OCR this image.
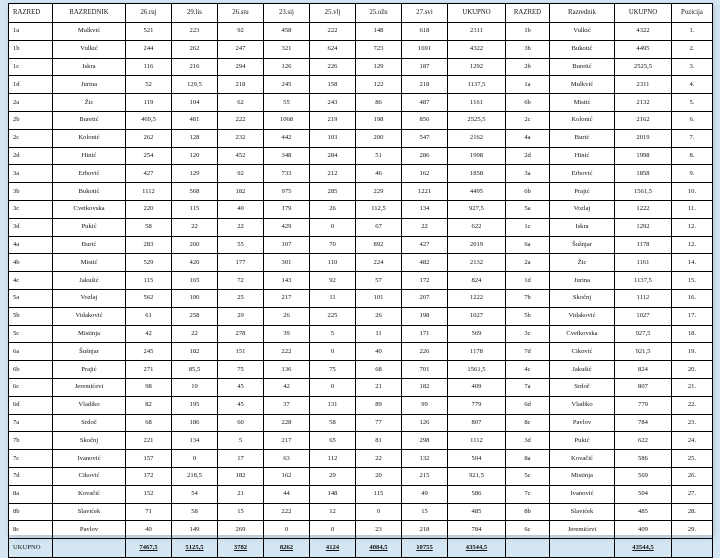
RAZRED	RAZREDNIK	26.ruj	29.lis	26.stu	23.sij	25.vlj	25.ožu	27.svi	UKUPNO	RAZRED	Razrednik	UKUPNO	Pozicija
1a	Mulkvić	521	223	92	458	222	148	618	2311	1b	Vulkić	4322	1.
1b	Vulkić	244	262	247	321	624	723	1691	4322	3b	Bukotić	4495	2.
1c	Iskra	116	216	294	126	226	129	187	1292	2b	Buretić	2525,5	3.
1d	Jurina	52	129,5	218	245	158	122	218	1137,5	1a	Mulkvić	2311	4.
2a	Žic	119	104	62	55	243	86	487	1161	6b	Mistić	2132	5.
2b	Buretić	469,5	481	222	1068	219	198	856	2525,5	2c	Kolonić	2162	6.
2c	Kolonić	262	128	232	442	103	200	547	2162	4a	Burić	2019	7.
2d	Hinić	254	120	452	348	284	51	286	1998	2d	Hinić	1998	8.
3a	Erbović	427	129	92	733	212	46	162	1858	3a	Erbović	1858	9.
3b	Bukotić	1112	568	182	975	285	229	1221	4495	6b	Prajić	1561,5	10.
3c	Cvetkovska	220	115	40	179	26	112,5	134	927,5	5a	Vozlaj	1222	11.
3d	Pukić	58	22	22	429	0	67	22	622	1c	Iskra	1292	12.
4a	Burić	283	260	55	107	70	892	427	2019	6a	Šušnjar	1178	12.
4b	Mistić	529	420	177	301	110	224	482	2132	2a	Žic	1161	14.
4c	Jakušić	115	165	72	143	92	57	172	824	1d	Jurina	1137,5	15.
5a	Vozlaj	562	100	25	217	11	101	207	1222	7b	Skočnj	1112	16.
5b	Vidaković	61	258	29	26	225	26	198	1027	5b	Vidaković	1027	17.
5c	Mistinja	42	22	278	39	5	11	171	569	3c	Cvetkovska	927,5	18.
6a	Šušnjar	245	182	151	222	0	40	226	1178	7d	Ciković	921,5	19.
6b	Prajić	271	85,5	75	136	75	68	701	1561,5	4c	Jakušić	824	20.
6c	Jeremićevi	98	19	45	42	0	21	182	409	7a	Srdoč	807	21.
6d	Vladiko	82	195	45	37	131	89	99	779	6d	Vladiko	779	22.
7a	Srdoč	68	186	60	228	58	77	126	807	8c	Pavlov	784	23.
7b	Skočnj	221	134	5	217	65	81	298	1112	3d	Pukić	622	24.
7c	Ivanović	157	0	17	63	112	22	132	504	8a	Kovačić	586	25.
7d	Ciković	172	218,5	182	162	29	20	215	921,5	5c	Mistinja	569	26.
8a	Kovačić	152	54	21	44	148	115	49	586	7c	Ivanović	504	27.
8b	Slavićek	71	58	15	222	12	0	15	485	8b	Slavićek	485	28.
8c	Pavlov	40	149	269	0	0	23	218	784	6c	Jeremićevi	409	29.
UKUPNO		7467,5	5125,5	3782	8262	4124	4084,5	10755	43544,5			43544,5	
